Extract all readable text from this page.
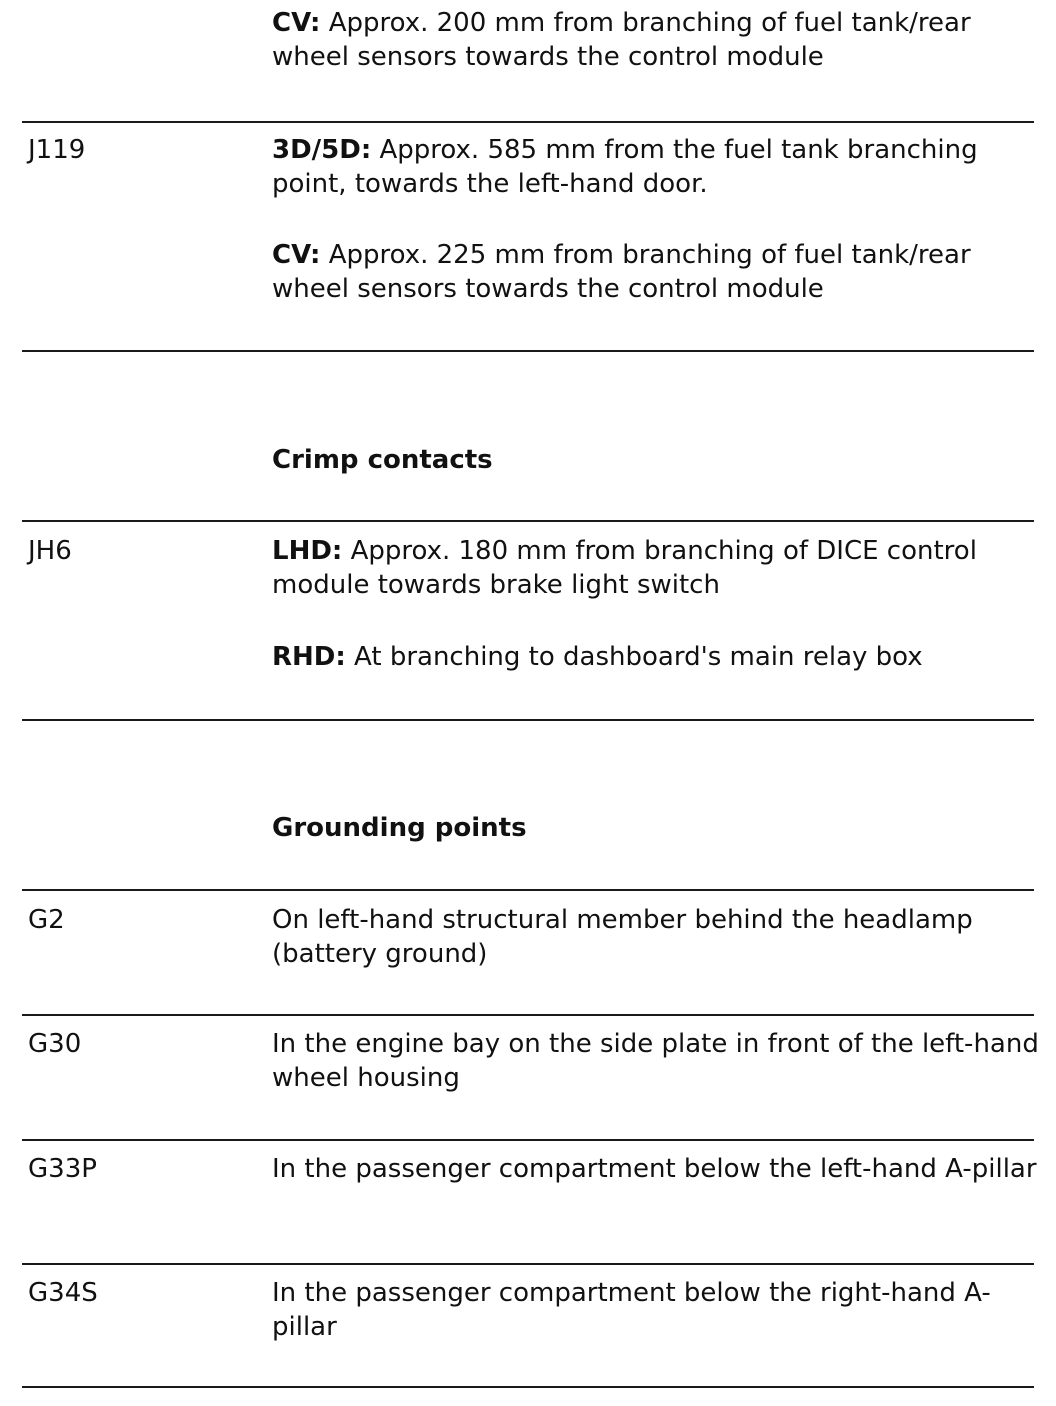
CV: Approx. 200 mm from branching of fuel tank/rear wheel sensors towards the control module

J119	3D/5D: Approx. 585 mm from the fuel tank branching point, towards the left-hand door.

CV: Approx. 225 mm from branching of fuel tank/rear wheel sensors towards the control module

Crimp contacts
JH6	LHD: Approx. 180 mm from branching of DICE control module towards brake light switch

RHD: At branching to dashboard's main relay box

Grounding points
G2	On left-hand structural member behind the headlamp (battery ground)
G30	In the engine bay on the side plate in front of the left-hand wheel housing
G33P	In the passenger compartment below the left-hand A-pillar
G34S	In the passenger compartment below the right-hand A-pillar
